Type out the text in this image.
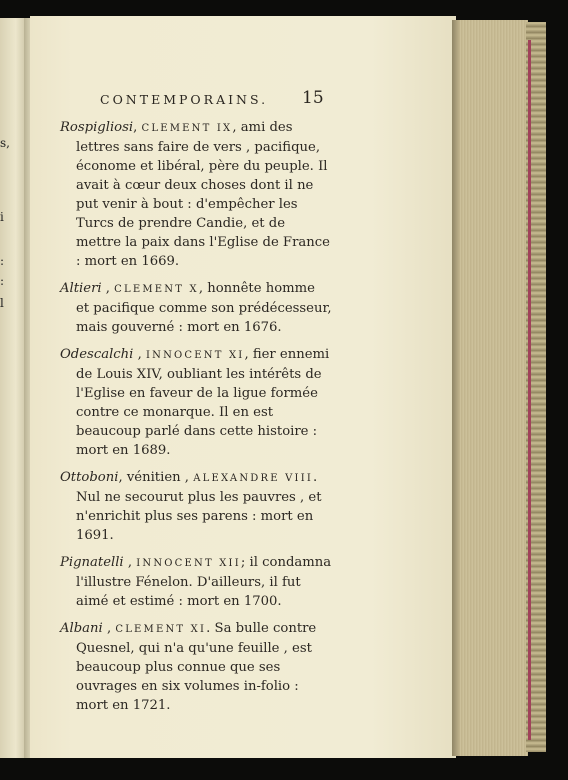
s,
i
:
:
l
CONTEMPORAINS.	15

Rospigliosi, CLEMENT IX, ami des lettres sans faire de vers , pacifique, économe et libéral, père du peuple. Il avait à cœur deux choses dont il ne put venir à bout : d'empêcher les Turcs de prendre Candie, et de mettre la paix dans l'Eglise de France : mort en 1669.

Altieri , CLEMENT X, honnête homme et pacifique comme son prédécesseur, mais gouverné : mort en 1676.

Odescalchi , INNOCENT XI, fier ennemi de Louis XIV, oubliant les intérêts de l'Eglise en faveur de la ligue formée contre ce monarque. Il en est beaucoup parlé dans cette histoire : mort en 1689.

Ottoboni, vénitien , ALEXANDRE VIII. Nul ne secourut plus les pauvres , et n'enrichit plus ses parens : mort en 1691.

Pignatelli , INNOCENT XII; il condamna l'illustre Fénelon. D'ailleurs, il fut aimé et estimé : mort en 1700.

Albani , CLEMENT XI. Sa bulle contre Quesnel, qui n'a qu'une feuille , est beaucoup plus connue que ses ouvrages en six volumes in-folio : mort en 1721.
